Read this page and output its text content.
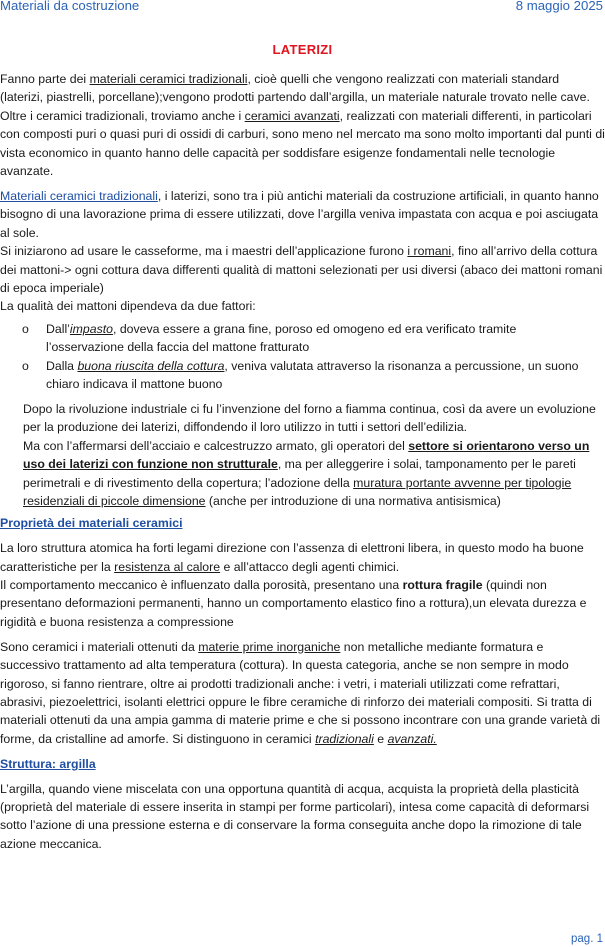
Materiali da costruzione	8 maggio 2025
LATERIZI

Fanno parte dei materiali ceramici tradizionali, cioè quelli che vengono realizzati con materiali standard (laterizi, piastrelli, porcellane);vengono prodotti partendo dall’argilla, un materiale naturale trovato nelle cave.

Oltre i ceramici tradizionali, troviamo anche i ceramici avanzati, realizzati con materiali differenti, in particolari con composti puri o quasi puri di ossidi di carburi, sono meno nel mercato ma sono molto importanti dal punti di vista economico in quanto hanno delle capacità per soddisfare esigenze fondamentali nelle tecnologie avanzate.

Materiali ceramici tradizionali, i laterizi, sono tra i più antichi materiali da costruzione artificiali, in quanto hanno bisogno di una lavorazione prima di essere utilizzati, dove l’argilla veniva impastata con acqua e poi asciugata al sole.

Si iniziarono ad usare le casseforme, ma i maestri dell’applicazione furono i romani, fino all’arrivo della cottura dei mattoni-> ogni cottura dava differenti qualità di mattoni selezionati per usi diversi (abaco dei mattoni romani di epoca imperiale)

La qualità dei mattoni dipendeva da due fattori:

o Dall’impasto, doveva essere a grana fine, poroso ed omogeno ed era verificato tramite l’osservazione della faccia del mattone fratturato
o Dalla buona riuscita della cottura, veniva valutata attraverso la risonanza a percussione, un suono chiaro indicava il mattone buono

Dopo la rivoluzione industriale ci fu l’invenzione del forno a fiamma continua, così da avere un evoluzione per la produzione dei laterizi, diffondendo il loro utilizzo in tutti i settori dell’edilizia.

Ma con l’affermarsi dell’acciaio e calcestruzzo armato, gli operatori del settore si orientarono verso un uso dei laterizi con funzione non strutturale, ma per alleggerire i solai, tamponamento per le pareti perimetrali e di rivestimento della copertura; l’adozione della muratura portante avvenne per tipologie residenziali di piccole dimensione (anche per introduzione di una normativa antisismica)

Proprietà dei materiali ceramici

La loro struttura atomica ha forti legami direzione con l’assenza di elettroni libera, in questo modo ha buone caratteristiche per la resistenza al calore e all’attacco degli agenti chimici.

Il comportamento meccanico è influenzato dalla porosità, presentano una rottura fragile (quindi non presentano deformazioni permanenti, hanno un comportamento elastico fino a rottura),un elevata durezza e rigidità e buona resistenza a compressione

Sono ceramici i materiali ottenuti da materie prime inorganiche non metalliche mediante formatura e successivo trattamento ad alta temperatura (cottura). In questa categoria, anche se non sempre in modo rigoroso, si fanno rientrare, oltre ai prodotti tradizionali anche: i vetri, i materiali utilizzati come refrattari, abrasivi, piezoelettrici, isolanti elettrici oppure le fibre ceramiche di rinforzo dei materiali compositi. Si tratta di materiali ottenuti da una ampia gamma di materie prime e che si possono incontrare con una grande varietà di forme, da cristalline ad amorfe. Si distinguono in ceramici tradizionali e avanzati.

Struttura: argilla

L’argilla, quando viene miscelata con una opportuna quantità di acqua, acquista la proprietà della plasticità (proprietà del materiale di essere inserita in stampi per forme particolari), intesa come capacità di deformarsi sotto l’azione di una pressione esterna e di conservare la forma conseguita anche dopo la rimozione di tale azione meccanica.

pag. 1
